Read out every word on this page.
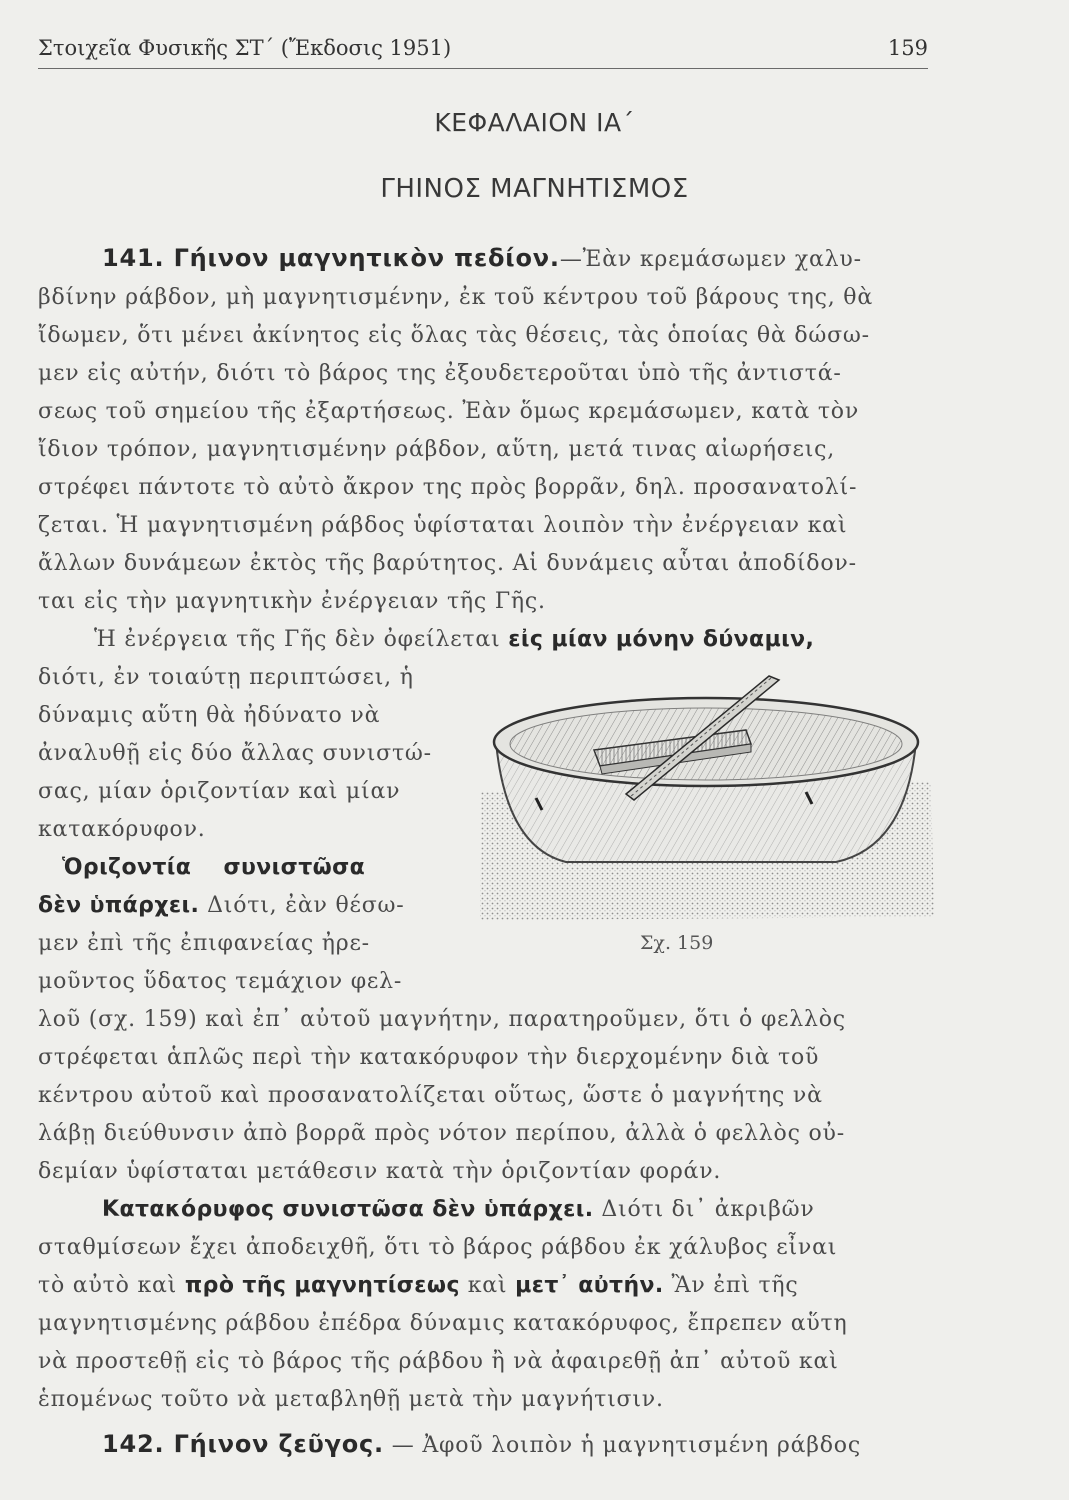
Στοιχεῖα Φυσικῆς ΣΤ΄ (Ἔκδοσις 1951)	159
ΚΕΦΑΛΑΙΟΝ ΙΑ΄
ΓΗΙΝΟΣ ΜΑΓΝΗΤΙΣΜΟΣ
141. Γήινον μαγνητικὸν πεδίον.—Ἐὰν κρεμάσωμεν χαλυ-
βδίνην ράβδον, μὴ μαγνητισμένην, ἐκ τοῦ κέντρου τοῦ βάρους της, θὰ
ἴδωμεν, ὅτι μένει ἀκίνητος εἰς ὅλας τὰς θέσεις, τὰς ὁποίας θὰ δώσω-
μεν εἰς αὐτήν, διότι τὸ βάρος της ἐξουδετεροῦται ὑπὸ τῆς ἀντιστά-
σεως τοῦ σημείου τῆς ἐξαρτήσεως. Ἐὰν ὅμως κρεμάσωμεν, κατὰ τὸν
ἴδιον τρόπον, μαγνητισμένην ράβδον, αὕτη, μετά τινας αἰωρήσεις,
στρέφει πάντοτε τὸ αὐτὸ ἄκρον της πρὸς βορρᾶν, δηλ. προσανατολί-
ζεται. Ἡ μαγνητισμένη ράβδος ὑφίσταται λοιπὸν τὴν ἐνέργειαν καὶ
ἄλλων δυνάμεων ἐκτὸς τῆς βαρύτητος. Αἱ δυνάμεις αὗται ἀποδίδον-
ται εἰς τὴν μαγνητικὴν ἐνέργειαν τῆς Γῆς.
Ἡ ἐνέργεια τῆς Γῆς δὲν ὀφείλεται εἰς μίαν μόνην δύναμιν,
διότι, ἐν τοιαύτῃ περιπτώσει, ἡ
δύναμις αὕτη θὰ ἠδύνατο νὰ
ἀναλυθῇ εἰς δύο ἄλλας συνιστώ-
σας, μίαν ὁριζοντίαν καὶ μίαν
κατακόρυφον.
Ὁριζοντία    συνιστῶσα
δὲν ὑπάρχει. Διότι, ἐὰν θέσω-
μεν ἐπὶ τῆς ἐπιφανείας ἠρε-
μοῦντος ὕδατος τεμάχιον φελ-
λοῦ (σχ. 159) καὶ ἐπ᾽ αὐτοῦ μαγνήτην, παρατηροῦμεν, ὅτι ὁ φελλὸς
στρέφεται ἁπλῶς περὶ τὴν κατακόρυφον τὴν διερχομένην διὰ τοῦ
κέντρου αὐτοῦ καὶ προσανατολίζεται οὕτως, ὥστε ὁ μαγνήτης νὰ
λάβῃ διεύθυνσιν ἀπὸ βορρᾶ πρὸς νότον περίπου, ἀλλὰ ὁ φελλὸς οὐ-
δεμίαν ὑφίσταται μετάθεσιν κατὰ τὴν ὁριζοντίαν φοράν.
Κατακόρυφος συνιστῶσα δὲν ὑπάρχει. Διότι δι᾽ ἀκριβῶν
σταθμίσεων ἔχει ἀποδειχθῆ, ὅτι τὸ βάρος ράβδου ἐκ χάλυβος εἶναι
τὸ αὐτὸ καὶ πρὸ τῆς μαγνητίσεως καὶ μετ᾽ αὐτήν. Ἂν ἐπὶ τῆς
μαγνητισμένης ράβδου ἐπέδρα δύναμις κατακόρυφος, ἔπρεπεν αὕτη
νὰ προστεθῇ εἰς τὸ βάρος τῆς ράβδου ἢ νὰ ἀφαιρεθῇ ἀπ᾽ αὐτοῦ καὶ
ἑπομένως τοῦτο νὰ μεταβληθῇ μετὰ τὴν μαγνήτισιν.
142. Γήινον ζεῦγος. — Ἀφοῦ λοιπὸν ἡ μαγνητισμένη ράβδος
Σχ. 159
